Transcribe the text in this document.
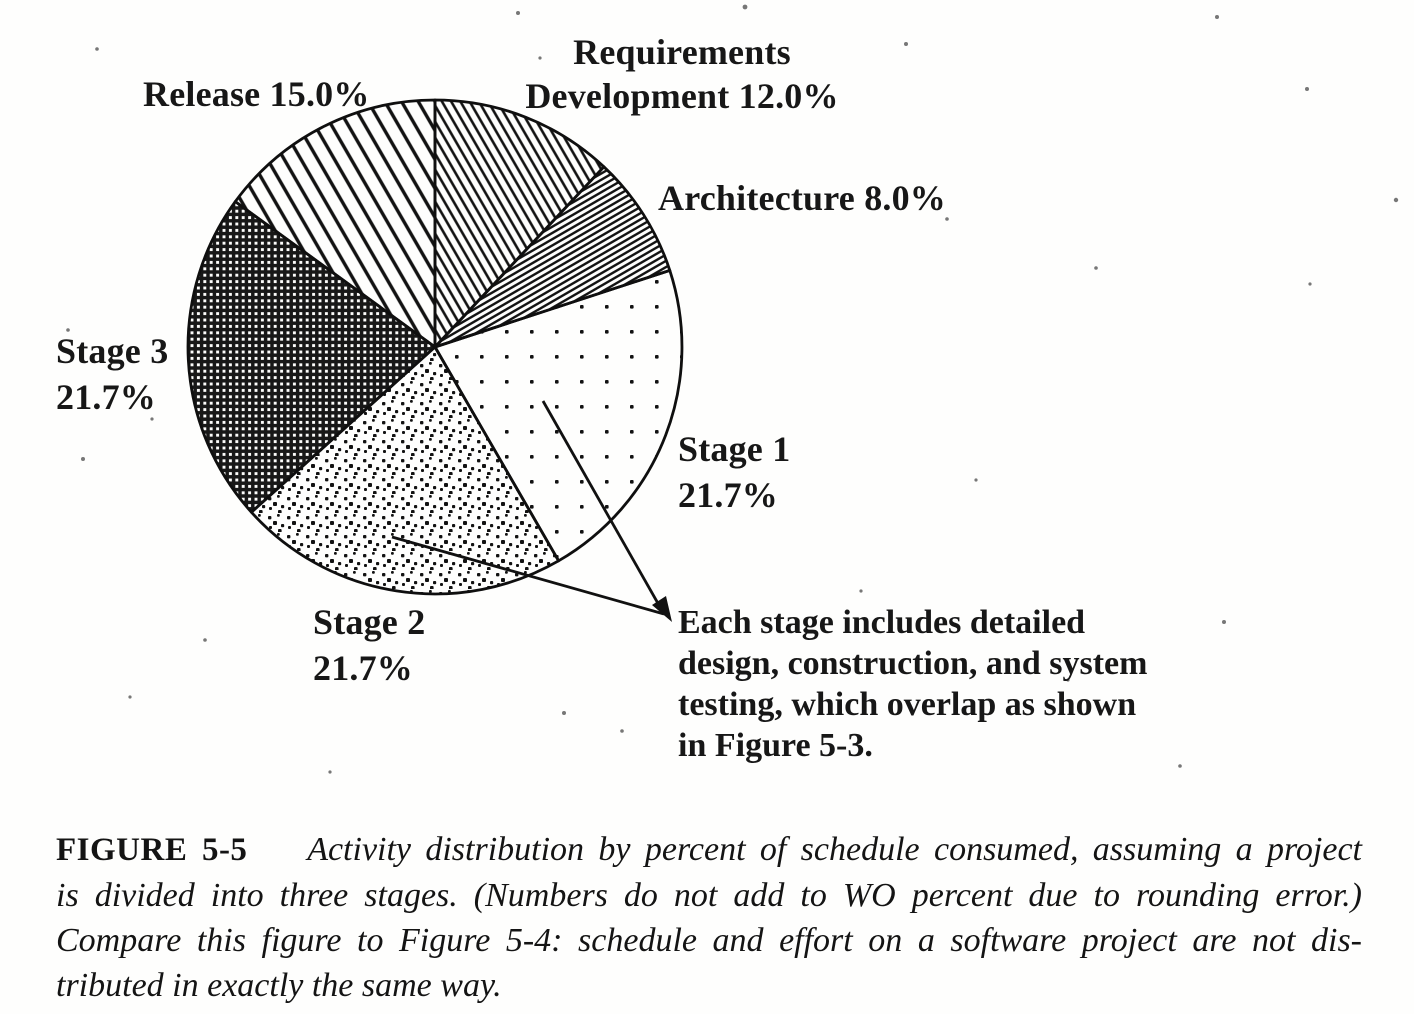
Requirements
Development 12.0%
Architecture 8.0%
Release 15.0%
Stage 3
21.7%
Stage 1
21.7%
Stage 2
21.7%
Each stage includes detailed
design, construction, and system
testing, which overlap as shown
in Figure 5-3.
FIGURE 5-5 Activity distribution by percent of schedule consumed, assuming a project
is divided into three stages. (Numbers do not add to WO percent due to rounding error.)
Compare this figure to Figure 5-4: schedule and effort on a software project are not dis-
tributed in exactly the same way.
